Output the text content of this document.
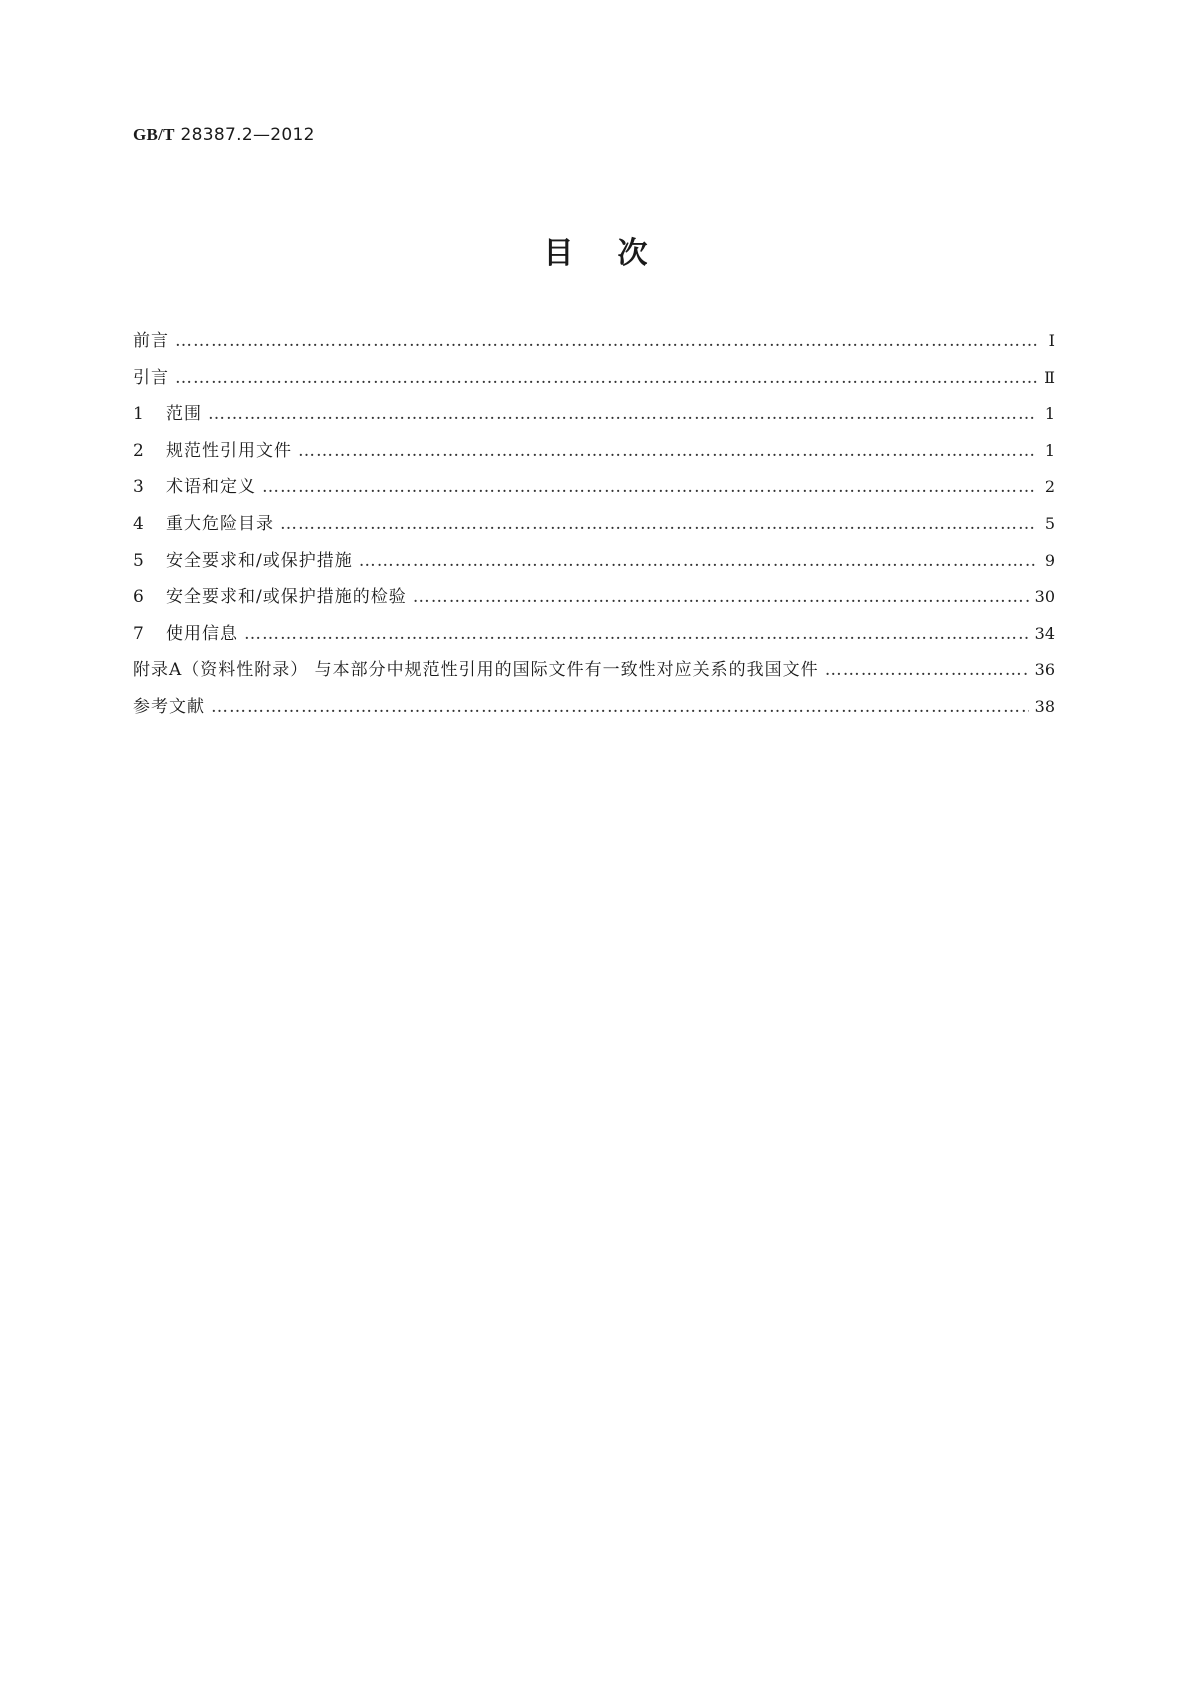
GB/T 28387.2—2012
目次
前言 …………………………………………………………………………………………………………………………………………………………………………………………………………………………………………	Ⅰ
引言 …………………………………………………………………………………………………………………………………………………………………………………………………………………………………………	Ⅱ
1	范围 …………………………………………………………………………………………………………………………………………………………………………………………………………………………………………	1
2	规范性引用文件 …………………………………………………………………………………………………………………………………………………………………………………………………………………………………………	1
3	术语和定义 …………………………………………………………………………………………………………………………………………………………………………………………………………………………………………	2
4	重大危险目录 …………………………………………………………………………………………………………………………………………………………………………………………………………………………………………	5
5	安全要求和/或保护措施 …………………………………………………………………………………………………………………………………………………………………………………………………………………………………………	9
6	安全要求和/或保护措施的检验 …………………………………………………………………………………………………………………………………………………………………………………………………………………………………………	30
7	使用信息 …………………………………………………………………………………………………………………………………………………………………………………………………………………………………………	34
附录A（资料性附录） 与本部分中规范性引用的国际文件有一致性对应关系的我国文件 …………………………………………………………………………………………………………………………………………………………………………………………………………………………………………	36
参考文献 …………………………………………………………………………………………………………………………………………………………………………………………………………………………………………	38
